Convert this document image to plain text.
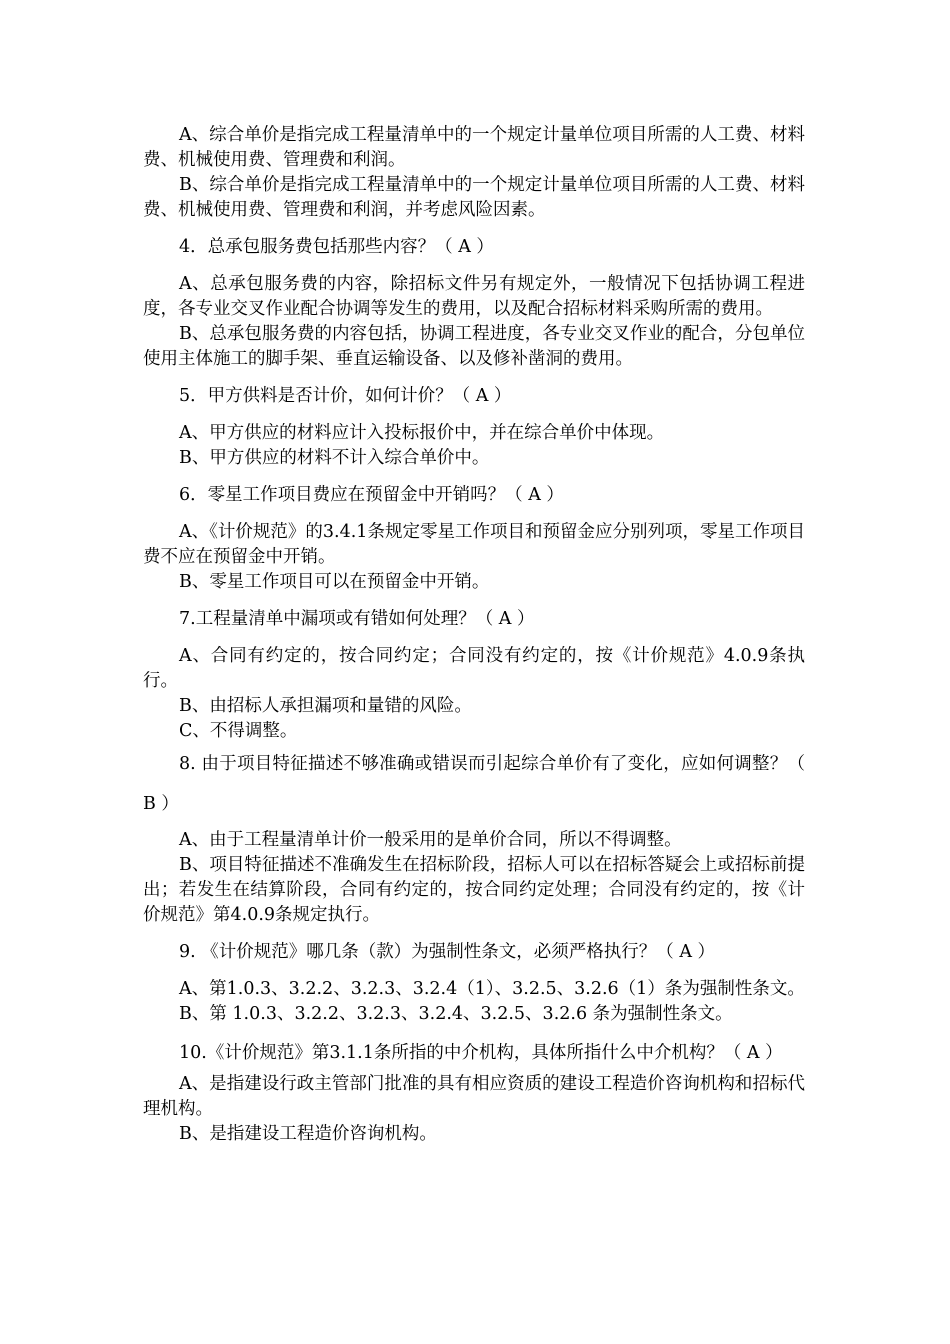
A、综合单价是指完成工程量清单中的一个规定计量单位项目所需的人工费、材料费、机械使用费、管理费和利润。

B、综合单价是指完成工程量清单中的一个规定计量单位项目所需的人工费、材料费、机械使用费、管理费和利润，并考虑风险因素。

4．总承包服务费包括那些内容？（ A ）

A、总承包服务费的内容，除招标文件另有规定外，一般情况下包括协调工程进度，各专业交叉作业配合协调等发生的费用，以及配合招标材料采购所需的费用。

B、总承包服务费的内容包括，协调工程进度，各专业交叉作业的配合，分包单位使用主体施工的脚手架、垂直运输设备、以及修补凿洞的费用。

5．甲方供料是否计价，如何计价？（ A ）

A、甲方供应的材料应计入投标报价中，并在综合单价中体现。

B、甲方供应的材料不计入综合单价中。

6．零星工作项目费应在预留金中开销吗？（ A ）

A、《计价规范》的3.4.1条规定零星工作项目和预留金应分别列项，零星工作项目费不应在预留金中开销。

B、零星工作项目可以在预留金中开销。

7.工程量清单中漏项或有错如何处理？（ A ）

A、合同有约定的，按合同约定；合同没有约定的，按《计价规范》4.0.9条执行。

B、由招标人承担漏项和量错的风险。

C、不得调整。

8. 由于项目特征描述不够准确或错误而引起综合单价有了变化，应如何调整？（ B ）

A、由于工程量清单计价一般采用的是单价合同，所以不得调整。

B、项目特征描述不准确发生在招标阶段，招标人可以在招标答疑会上或招标前提出；若发生在结算阶段，合同有约定的，按合同约定处理；合同没有约定的，按《计价规范》第4.0.9条规定执行。

9. 《计价规范》哪几条（款）为强制性条文，必须严格执行？（ A ）

A、第1.0.3、3.2.2、3.2.3、3.2.4（1）、3.2.5、3.2.6（1）条为强制性条文。

B、第 1.0.3、3.2.2、3.2.3、3.2.4、3.2.5、3.2.6 条为强制性条文。

10.《计价规范》第3.1.1条所指的中介机构，具体所指什么中介机构？（ A ）

A、是指建设行政主管部门批准的具有相应资质的建设工程造价咨询机构和招标代理机构。

B、是指建设工程造价咨询机构。
